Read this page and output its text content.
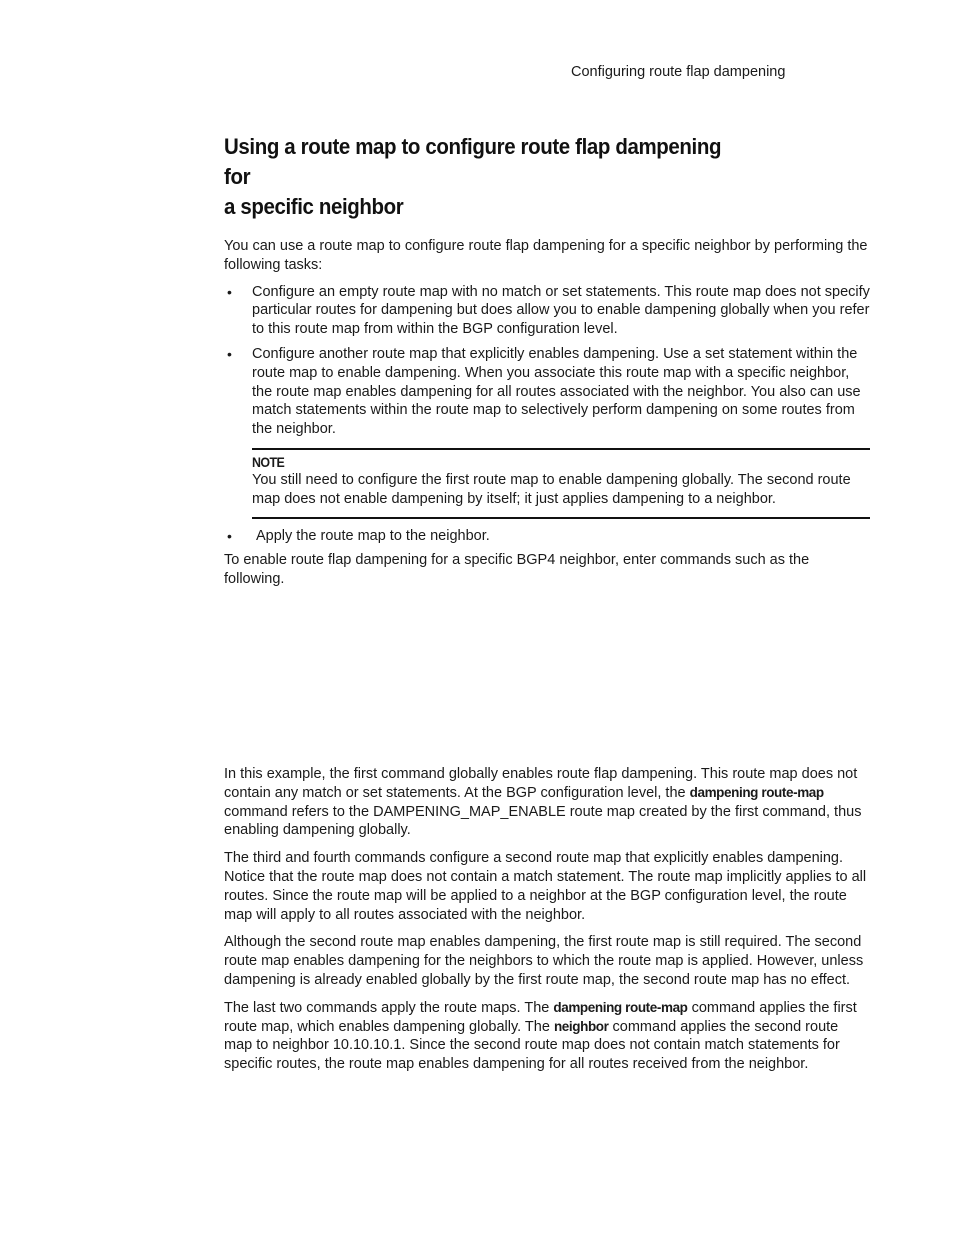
Configuring route flap dampening
Using a route map to configure route flap dampening for
a specific neighbor

You can use a route map to configure route flap dampening for a specific neighbor by performing the following tasks:

• Configure an empty route map with no match or set statements. This route map does not specify particular routes for dampening but does allow you to enable dampening globally when you refer to this route map from within the BGP configuration level.
• Configure another route map that explicitly enables dampening. Use a set statement within the route map to enable dampening. When you associate this route map with a specific neighbor, the route map enables dampening for all routes associated with the neighbor. You also can use match statements within the route map to selectively perform dampening on some routes from the neighbor.
NOTE
You still need to configure the first route map to enable dampening globally. The second route map does not enable dampening by itself; it just applies dampening to a neighbor.
• Apply the route map to the neighbor.

To enable route flap dampening for a specific BGP4 neighbor, enter commands such as the following.

In this example, the first command globally enables route flap dampening. This route map does not contain any match or set statements. At the BGP configuration level, the dampening route-map command refers to the DAMPENING_MAP_ENABLE route map created by the first command, thus enabling dampening globally.

The third and fourth commands configure a second route map that explicitly enables dampening. Notice that the route map does not contain a match statement. The route map implicitly applies to all routes. Since the route map will be applied to a neighbor at the BGP configuration level, the route map will apply to all routes associated with the neighbor.

Although the second route map enables dampening, the first route map is still required. The second route map enables dampening for the neighbors to which the route map is applied. However, unless dampening is already enabled globally by the first route map, the second route map has no effect.

The last two commands apply the route maps. The dampening route-map command applies the first route map, which enables dampening globally. The neighbor command applies the second route map to neighbor 10.10.10.1. Since the second route map does not contain match statements for specific routes, the route map enables dampening for all routes received from the neighbor.
